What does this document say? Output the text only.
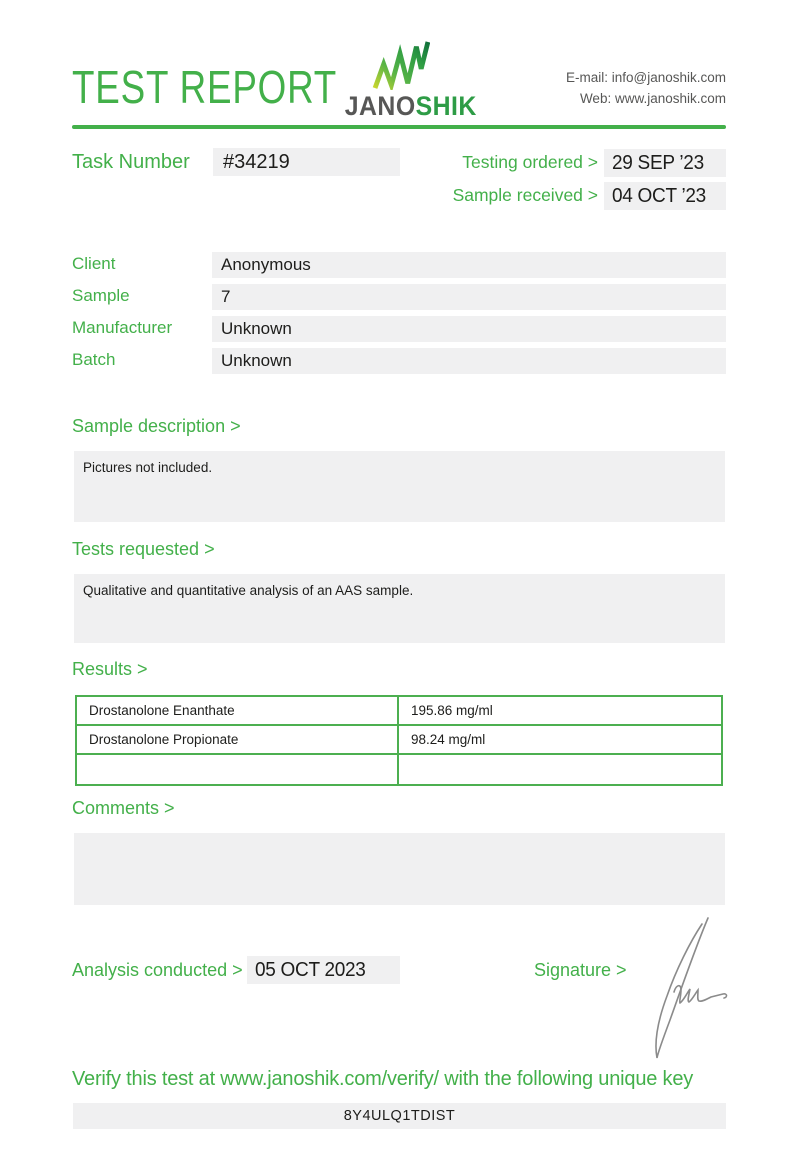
TEST REPORT JANOSHIK
E-mail: info@janoshik.com
Web: www.janoshik.com
Task Number #34219	Testing ordered > 29 SEP ’23
Sample received > 04 OCT ’23
Client	Anonymous
Sample	7
Manufacturer	Unknown
Batch	Unknown
Sample description >
Pictures not included.
Tests requested >
Qualitative and quantitative analysis of an AAS sample.
Results >
Drostanolone Enanthate	195.86 mg/ml
Drostanolone Propionate	98.24 mg/ml
Comments >
Analysis conducted > 05 OCT 2023	Signature >
Verify this test at www.janoshik.com/verify/ with the following unique key
8Y4ULQ1TDIST
